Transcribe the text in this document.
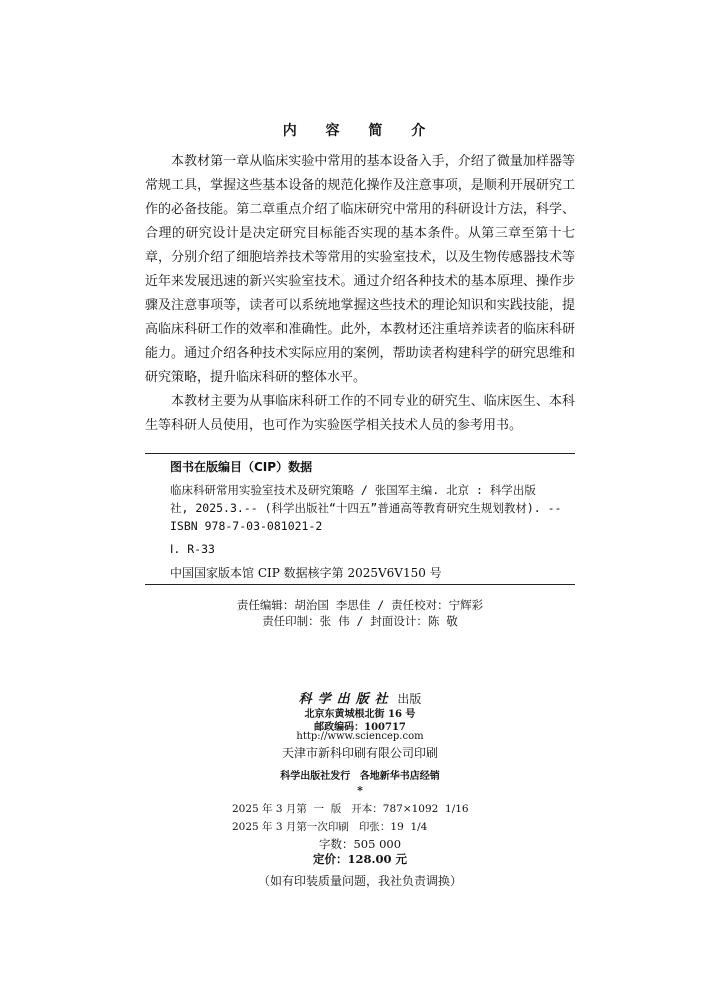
内 容 简 介

本教材第一章从临床实验中常用的基本设备入手，介绍了微量加样器等常规工具，掌握这些基本设备的规范化操作及注意事项，是顺利开展研究工作的必备技能。第二章重点介绍了临床研究中常用的科研设计方法，科学、合理的研究设计是决定研究目标能否实现的基本条件。从第三章至第十七章，分别介绍了细胞培养技术等常用的实验室技术，以及生物传感器技术等近年来发展迅速的新兴实验室技术。通过介绍各种技术的基本原理、操作步骤及注意事项等，读者可以系统地掌握这些技术的理论知识和实践技能，提高临床科研工作的效率和准确性。此外，本教材还注重培养读者的临床科研能力。通过介绍各种技术实际应用的案例，帮助读者构建科学的研究思维和研究策略，提升临床科研的整体水平。

本教材主要为从事临床科研工作的不同专业的研究生、临床医生、本科生等科研人员使用，也可作为实验医学相关技术人员的参考用书。

图书在版编目（CIP）数据
临床科研常用实验室技术及研究策略 / 张国军主编. 北京 : 科学出版
社, 2025.3.-- (科学出版社“十四五”普通高等教育研究生规划教材). --
ISBN 978-7-03-081021-2
Ⅰ. R-33
中国国家版本馆 CIP 数据核字第 2025V6V150 号
责任编辑：胡治国 李思佳 / 责任校对：宁辉彩
责任印制：张 伟 / 封面设计：陈 敬
科学出版社 出版
北京东黄城根北街 16 号
邮政编码：100717
http://www.sciencep.com
天津市新科印刷有限公司印刷
科学出版社发行 各地新华书店经销
*
2025 年 3 月第  一  版   开本：787×1092  1/16
2025 年 3 月第一次印刷   印张：19  1/4
字数：505 000
定价：128.00 元
（如有印装质量问题，我社负责调换）
